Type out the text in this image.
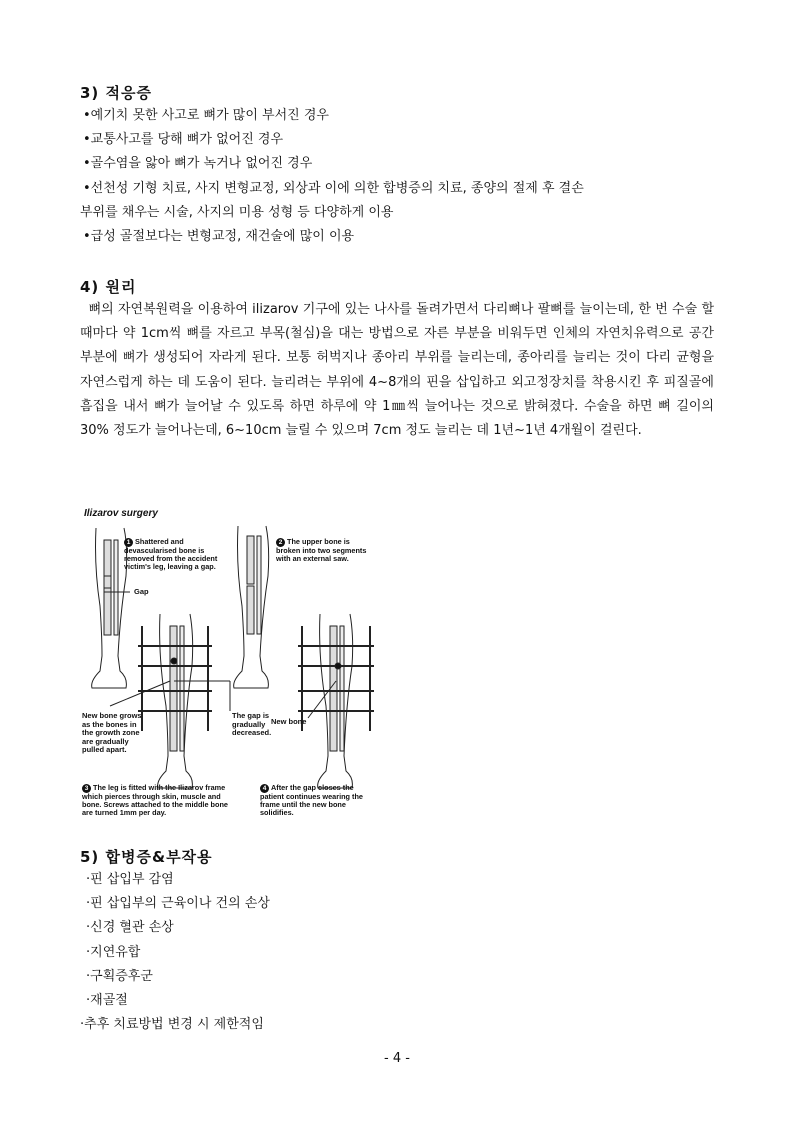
3) 적응증
•예기치 못한 사고로 뼈가 많이 부서진 경우
•교통사고를 당해 뼈가 없어진 경우
•골수염을 앓아 뼈가 녹거나 없어진 경우
•선천성 기형 치료, 사지 변형교정, 외상과 이에 의한 합병증의 치료, 종양의 절제 후 결손
부위를 채우는 시술, 사지의 미용 성형 등 다양하게 이용
•급성 골절보다는 변형교정, 재건술에 많이 이용
4) 원리
뼈의 자연복원력을 이용하여 ilizarov 기구에 있는 나사를 돌려가면서 다리뼈나 팔뼈를 늘이는데, 한 번 수술 할 때마다 약 1cm씩 뼈를 자르고 부목(철심)을 대는 방법으로 자른 부분을 비워두면 인체의 자연치유력으로 공간 부분에 뼈가 생성되어 자라게 된다. 보통 허벅지나 종아리 부위를 늘리는데, 종아리를 늘리는 것이 다리 균형을 자연스럽게 하는 데 도움이 된다. 늘리려는 부위에 4~8개의 핀을 삽입하고 외고정장치를 착용시킨 후 피질골에 흠집을 내서 뼈가 늘어날 수 있도록 하면 하루에 약 1㎜씩 늘어나는 것으로 밝혀졌다. 수술을 하면 뼈 길이의 30% 정도가 늘어나는데, 6~10cm 늘릴 수 있으며 7cm 정도 늘리는 데 1년~1년 4개월이 걸린다.
Ilizarov surgery
1 Shattered and devascularised bone is removed from the accident victim's leg, leaving a gap.
2 The upper bone is broken into two segments with an external saw.
Gap
New bone grows as the bones in the growth zone are gradually pulled apart.
The gap is gradually decreased.
New bone
3 The leg is fitted with the Ilizarov frame which pierces through skin, muscle and bone. Screws attached to the middle bone are turned 1mm per day.
4 After the gap closes the patient continues wearing the frame until the new bone solidifies.
5) 합병증&부작용
·핀 삽입부 감염
·핀 삽입부의 근육이나 건의 손상
·신경 혈관 손상
·지연유합
·구획증후군
·재골절
·추후 치료방법 변경 시 제한적임
- 4 -
